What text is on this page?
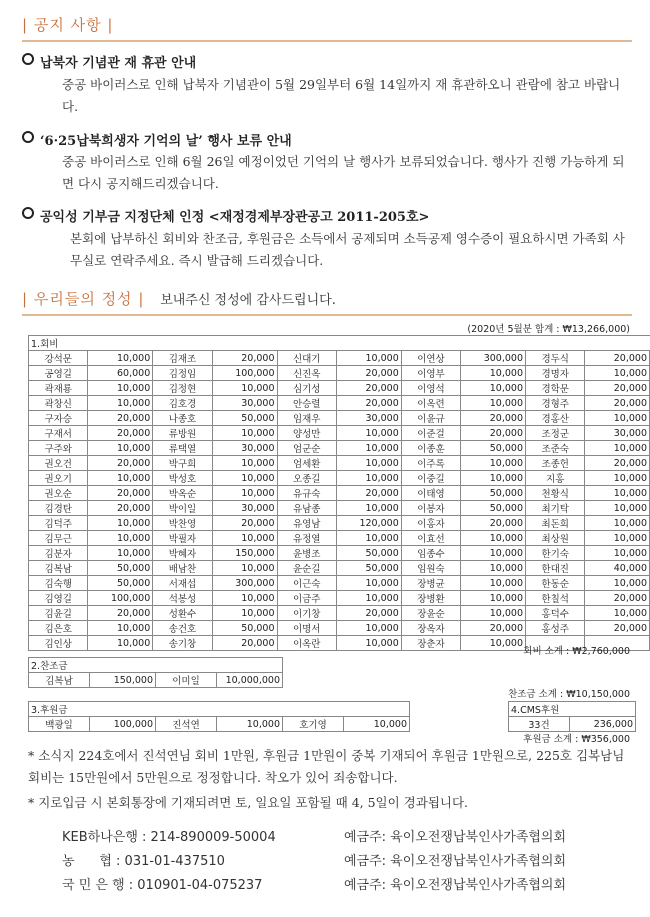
| 공지 사항 |
납북자 기념관 재 휴관 안내
중공 바이러스로 인해 납북자 기념관이 5월 29일부터 6월 14일까지 재 휴관하오니 관람에 참고 바랍니다.
‘6·25납북희생자 기억의 날’ 행사 보류 안내
중공 바이러스로 인해 6월 26일 예정이었던 기억의 날 행사가 보류되었습니다. 행사가 진행 가능하게 되면 다시 공지해드리겠습니다.
공익성 기부금 지정단체 인정 <재정경제부장관공고 2011-205호>
본회에 납부하신 회비와 찬조금, 후원금은 소득에서 공제되며 소득공제 영수증이 필요하시면 가족회 사무실로 연락주세요. 즉시 발급해 드리겠습니다.
| 우리들의 정성 | 보내주신 정성에 감사드립니다.
(2020년 5월분 합계 : ₩13,266,000)
1.회비									
강석문	10,000	김재조	20,000	신대기	10,000	이연상	300,000	경두식	20,000
공영길	60,000	김정임	100,000	신진옥	20,000	이영부	10,000	경명자	10,000
곽재룡	10,000	김정현	10,000	심기성	20,000	이영석	10,000	경학문	20,000
곽창신	10,000	김호경	30,000	안승렬	20,000	이옥련	10,000	경형주	20,000
구자승	20,000	나종호	50,000	임재우	30,000	이윤규	20,000	경홍산	10,000
구재서	20,000	류방원	10,000	양성만	10,000	이준걸	20,000	조정군	30,000
구주와	10,000	류택열	30,000	엄군순	10,000	이종훈	50,000	조준숙	10,000
권오건	20,000	박구희	10,000	엄세환	10,000	이주록	10,000	조종헌	20,000
권오기	10,000	박성호	10,000	오종길	10,000	이중길	10,000	지홍	10,000
권오순	20,000	박옥순	10,000	유규숙	20,000	이태영	50,000	천황식	10,000
김경탄	20,000	박이일	30,000	유남종	10,000	이봉자	50,000	최기탁	10,000
김덕주	10,000	박찬영	20,000	유영남	120,000	이홍자	20,000	최돈희	10,000
김무근	10,000	박필자	10,000	유정열	10,000	이효선	10,000	최상원	10,000
김분자	10,000	박혜자	150,000	윤병조	50,000	임종수	10,000	한기숙	10,000
김복남	50,000	배남찬	10,000	윤순길	50,000	임원숙	10,000	한대진	40,000
김숙행	50,000	서재섭	300,000	이근숙	10,000	장병균	10,000	한동순	10,000
김영길	100,000	석봉성	10,000	이금주	10,000	장병환	10,000	한칠석	20,000
김윤길	20,000	성환수	10,000	이기창	20,000	장윤순	10,000	홍덕수	10,000
김은호	10,000	송건호	50,000	이명서	10,000	장옥자	20,000	홍성주	20,000
김인상	10,000	송기창	20,000	이옥란	10,000	장춘자	10,000		
회비 소계 : ₩2,760,000
2.찬조금
김복남	150,000	이미일	10,000,000
찬조금 소계 : ₩10,150,000
3.후원금
백광일	100,000	진석연	10,000	호기영	10,000
4.CMS후원
33건	236,000
후원금 소계 : ₩356,000
* 소식지 224호에서 진석연님 회비 1만원, 후원금 1만원이 중복 기재되어 후원금 1만원으로, 225호 김복남님 회비는 15만원에서 5만원으로 정정합니다. 착오가 있어 죄송합니다.
* 지로입금 시 본회통장에 기재되려면 토, 일요일 포함될 때 4, 5일이 경과됩니다.
KEB하나은행 : 214-890009-50004	예금주: 육이오전쟁납북인사가족협의회
농      협 : 031-01-437510	예금주: 육이오전쟁납북인사가족협의회
국 민 은 행 : 010901-04-075237	예금주: 육이오전쟁납북인사가족협의회
